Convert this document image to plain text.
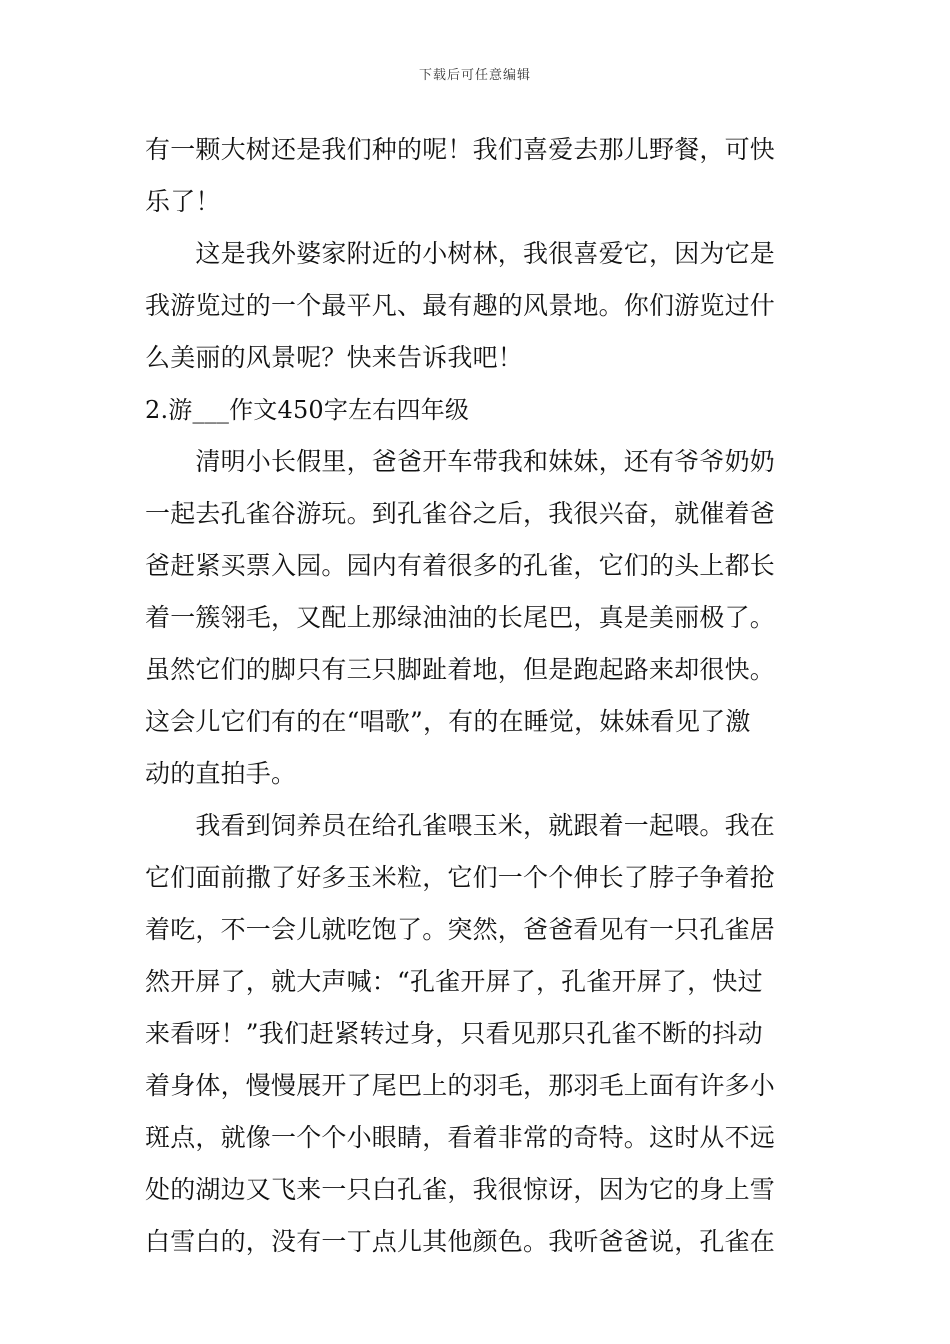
下载后可任意编辑
有一颗大树还是我们种的呢！我们喜爱去那儿野餐，可快
乐了！
　　这是我外婆家附近的小树林，我很喜爱它，因为它是
我游览过的一个最平凡、最有趣的风景地。你们游览过什
么美丽的风景呢？快来告诉我吧！
2.游___作文450字左右四年级
　　清明小长假里，爸爸开车带我和妹妹，还有爷爷奶奶
一起去孔雀谷游玩。到孔雀谷之后，我很兴奋，就催着爸
爸赶紧买票入园。园内有着很多的孔雀，它们的头上都长
着一簇翎毛，又配上那绿油油的长尾巴，真是美丽极了。
虽然它们的脚只有三只脚趾着地，但是跑起路来却很快。
这会儿它们有的在“唱歌”，有的在睡觉，妹妹看见了激
动的直拍手。
　　我看到饲养员在给孔雀喂玉米，就跟着一起喂。我在
它们面前撒了好多玉米粒，它们一个个伸长了脖子争着抢
着吃，不一会儿就吃饱了。突然，爸爸看见有一只孔雀居
然开屏了，就大声喊：“孔雀开屏了，孔雀开屏了，快过
来看呀！”我们赶紧转过身，只看见那只孔雀不断的抖动
着身体，慢慢展开了尾巴上的羽毛，那羽毛上面有许多小
斑点，就像一个个小眼睛，看着非常的奇特。这时从不远
处的湖边又飞来一只白孔雀，我很惊讶，因为它的身上雪
白雪白的，没有一丁点儿其他颜色。我听爸爸说，孔雀在
